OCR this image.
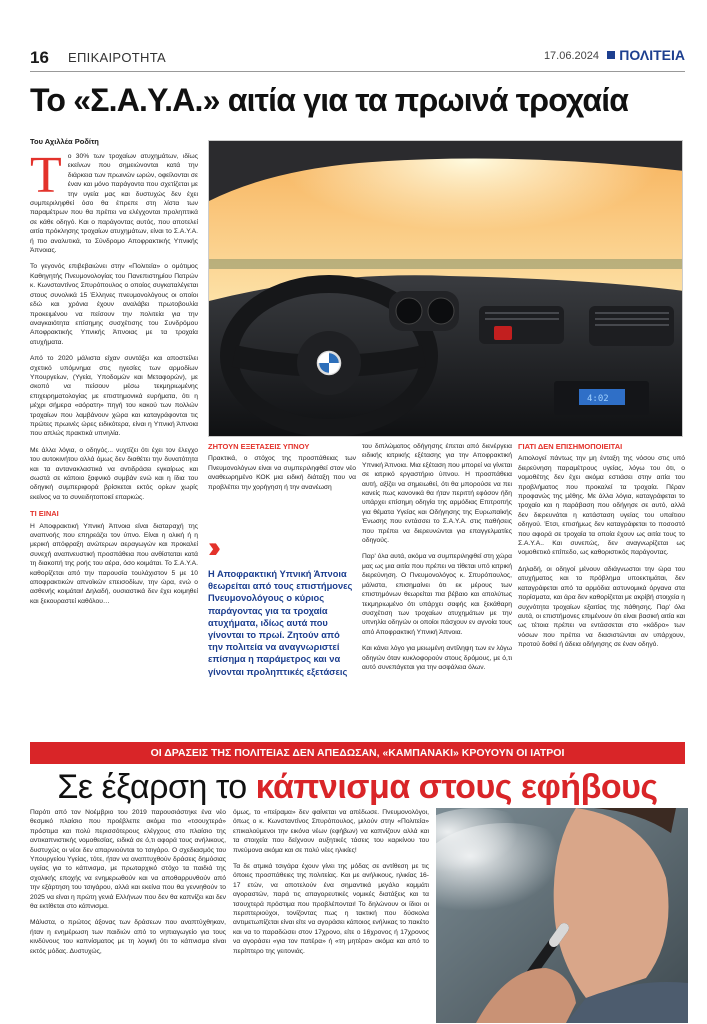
16 ΕΠΙΚΑΙΡΟΤΗΤΑ	17.06.2024	ΠΟΛΙΤΕΙΑ
Το «Σ.Α.Υ.Α.» αιτία για τα πρωινά τροχαία
Του Αχιλλέα Ροδίτη

Το 30% των τροχαίων ατυχημάτων, ιδίως εκείνων που σημειώνονται κατά την διάρκεια των πρωινών ωρών, οφείλονται σε έναν και μόνο παράγοντα που σχετίζεται με την υγεία μας και δυστυχώς δεν έχει συμπεριληφθεί όσο θα έπρεπε στη λίστα των παραμέτρων που θα πρέπει να ελέγχονται προληπτικά σε κάθε οδηγό. Και ο παράγοντας αυτός, που αποτελεί αιτία πρόκλησης τροχαίων ατυχημάτων, είναι το Σ.Α.Υ.Α. ή πιο αναλυτικά, το Σύνδρομο Αποφρακτικής Υπνικής Άπνοιας.

Το γεγονός επιβεβαιώνει στην «Πολιτεία» ο ομότιμος Καθηγητής Πνευμονολογίας του Πανεπιστημίου Πατρών κ. Κωνσταντίνος Σπυρόπουλος ο οποίος συγκαταλέγεται στους συνολικά 15 Έλληνες πνευμονολόγους οι οποίοι εδώ και χρόνια έχουν αναλάβει πρωτοβουλία προκειμένου να πείσουν την πολιτεία για την αναγκαιότητα επίσημης συσχέτισης του Συνδρόμου Αποφρακτικής Υπνικής Άπνοιας με τα τροχαία ατυχήματα.

Από το 2020 μάλιστα είχαν συντάξει και αποστείλει σχετικό υπόμνημα στις ηγεσίες των αρμοδίων Υπουργείων, (Υγεία, Υποδομών και Μεταφορών), με σκοπό να πείσουν μέσω τεκμηριωμένης επιχειρηματολογίας με επιστημονικά ευρήματα, ότι η μέχρι σήμερα «αόρατη» πηγή του κακού των πολλών τροχαίων που λαμβάνουν χώρα και καταγράφονται τις πρώτες πρωινές ώρες ειδικότερα, είναι η Υπνική Άπνοια που απλώς πρακτικά υπνηλία.

Με άλλα λόγια, ο οδηγός... νυχτίζει ότι έχει τον έλεγχο του αυτοκινήτου αλλά όμως δεν διαθέτει την δυνατότητα και τα αντανακλαστικά να αντιδράσει εγκαίρως και σωστά σε κάποιο ξαφνικό συμβάν ενώ και η ίδια του οδηγική συμπεριφορά βρίσκεται εκτός ορίων χωρίς εκείνος να το συνειδητοποιεί επαρκώς.

ΤΙ ΕΙΝΑΙ

Η Αποφρακτική Υπνική Άπνοια είναι διαταραχή της αναπνοής που επηρεάζει τον ύπνο. Είναι η ολική ή η μερική απόφραξη ανώτερων αεραγωγών και προκαλεί συνεχή αναπνευστική προσπάθεια που ανθίσταται κατά τη διακοπή της ροής του αέρα, όσο κοιμάται. Το Σ.Α.Υ.Α. καθορίζεται από την παρουσία τουλάχιστον 5 με 10 αποφρακτικών απνοϊκών επεισοδίων, την ώρα, ενώ ο ασθενής κοιμάται! Δηλαδή, ουσιαστικά δεν έχει κοιμηθεί και ξεκουραστεί καθόλου…

4:02
ΖΗΤΟΥΝ ΕΞΕΤΑΣΕΙΣ ΥΠΝΟΥ

Πρακτικά, ο στόχος της προσπάθειας των Πνευμονολόγων είναι να συμπεριληφθεί στον νέο αναθεωρημένο ΚΟΚ μια ειδική διάταξη που να προβλέπει την χορήγηση ή την ανανέωση

››
Η Αποφρακτική Υπνική Άπνοια θεωρείται από τους επιστήμονες Πνευμονολόγους ο κύριος παράγοντας για τα τροχαία ατυχήματα, ιδίως αυτά που γίνονται το πρωί. Ζητούν από την πολιτεία να αναγνωριστεί επίσημα η παράμετρος και να γίνονται προληπτικές εξετάσεις

του διπλώματος οδήγησης έπεται από διενέργεια ειδικής ιατρικής εξέτασης για την Αποφρακτική Υπνική Άπνοια. Μια εξέταση που μπορεί να γίνεται σε ιατρικό εργαστήριο ύπνου. Η προσπάθεια αυτή, αξίζει να σημειωθεί, ότι θα μπορούσε να πει κανείς πως κανονικά θα ήταν περιττή εφόσον ήδη υπάρχει επίσημη οδηγία της αρμόδιας Επιτροπής για θέματα Υγείας και Οδήγησης της Ευρωπαϊκής Ένωσης που εντάσσει το Σ.Α.Υ.Α. στις παθήσεις που πρέπει να διερευνώνται για επαγγελματίες οδηγούς.

Παρ' όλα αυτά, ακόμα να συμπεριληφθεί στη χώρα μας ως μια αιτία που πρέπει να τίθεται υπό ιατρική διερεύνηση. Ο Πνευμονολόγος κ. Σπυρόπουλος, μάλιστα, επισημαίνει ότι εκ μέρους των επιστημόνων θεωρείται πια βέβαιο και απολύτως τεκμηριωμένο ότι υπάρχει σαφής και ξεκάθαρη συσχέτιση των τροχαίων ατυχημάτων με την υπνηλία οδηγών οι οποίοι πάσχουν εν αγνοία τους από Αποφρακτική Υπνική Άπνοια.

Και κάνει λόγο για μειωμένη αντίληψη των εν λόγω οδηγών όταν κυκλοφορούν στους δρόμους, με ό,τι αυτό συνεπάγεται για την ασφάλεια όλων.

ΓΙΑΤΙ ΔΕΝ ΕΠΙΣΗΜΟΠΟΙΕΙΤΑΙ

Αιτιολογεί πάντως την μη ένταξη της νόσου στις υπό διερεύνηση παραμέτρους υγείας, λόγω του ότι, ο νομοθέτης δεν έχει ακόμα εστιάσει στην αιτία του προβλήματος που προκαλεί τα τροχαία. Πέραν προφανώς της μέθης. Με άλλα λόγια, καταγράφεται το τροχαίο και η παράβαση που οδήγησε σε αυτό, αλλά δεν διερευνάται η κατάσταση υγείας του υπαίτιου οδηγού. Έτσι, επισήμως δεν καταγράφεται το ποσοστό που αφορά σε τροχαία τα οποία έχουν ως αιτία τους το Σ.Α.Υ.Α.. Και συνεπώς, δεν αναγνωρίζεται ως νομοθετικό επίπεδο, ως καθοριστικός παράγοντας.

Δηλαδή, οι οδηγοί μένουν αδιάγνωστοι την ώρα του ατυχήματος και το πρόβλημα υποεκτιμάται, δεν καταγράφεται από τα αρμόδια αστυνομικά όργανα στα πορίσματα, και άρα δεν καθορίζεται με ακρίβή στοιχεία η συχνότητα τροχαίων εξαιτίας της πάθησης. Παρ' όλα αυτά, οι επιστήμονες επιμένουν ότι είναι βασική αιτία και ως τέτοια πρέπει να εντάσσεται στο «κάδρο» των νόσων που πρέπει να διασιστώνται αν υπάρχουν, προτού δοθεί ή άδεια οδήγησης σε έναν οδηγό.

ΟΙ ΔΡΑΣΕΙΣ ΤΗΣ ΠΟΛΙΤΕΙΑΣ ΔΕΝ ΑΠΕΔΩΣΑΝ, «ΚΑΜΠΑΝΑΚΙ» ΚΡΟΥΟΥΝ ΟΙ ΙΑΤΡΟΙ
Σε έξαρση το κάπνισμα στους εφήβους

Παρότι από τον Νοέμβριο του 2019 παρουσιάστηκε ένα νέο θεσμικό πλαίσιο που προέβλεπε ακόμα πιο «τσουχτερά» πρόστιμα και πολύ περισσότερους ελέγχους στο πλαίσιο της αντικαπνιστικής νομοθεσίας, ειδικά σε ό,τι αφορά τους ανήλικους, δυστυχώς οι νέοι δεν απαρνιούνται το τσιγάρο. Ο σχεδιασμός του Υπουργείου Υγείας, τότε, ήταν να αναπτυχθούν δράσεις δημόσιας υγείας για το κάπνισμα, με πρωταρχικό στόχο τα παιδιά της σχολικής εποχής να ενημερωθούν και να αποθαρρυνθούν από την εξάρτηση του τσιγάρου, αλλά και εκείνα που θα γεννηθούν το 2025 να είναι η πρώτη γενιά Ελλήνων που δεν θα καπνίζει και δεν θα εκτίθεται στο κάπνισμα.

Μάλιστα, ο πρώτος άξονας των δράσεων που αναπτύχθηκαν, ήταν η ενημέρωση των παιδιών από το νηπιαγωγείο για τους κινδύνους του καπνίσματος με τη λογική ότι το κάπνισμα είναι εκτός μόδας. Δυστυχώς,

όμως, το «πείραμα» δεν φαίνεται να απέδωσε. Πνευμονολόγοι, όπως ο κ. Κωνσταντίνος Σπυρόπουλος, μιλούν στην «Πολιτεία» επικαλούμενοι την εικόνα νέων (εφήβων) να καπνίζουν αλλά και τα στοιχεία που δείχνουν αυξητικές τάσεις του καρκίνου του πνεύμονα ακόμα και σε πολύ νέες ηλικίες!

Τα δε ατμικά τσιγάρα έχουν γίνει της μόδας σε αντίθεση με τις όποιες προσπάθειες της πολιτείας. Και με ανήλικους, ηλικίας 16-17 ετών, να αποτελούν ένα σημαντικά μεγάλο κομμάτι αγοραστών, παρά τις απαγορευτικές νομικές διατάξεις και τα τσουχτερά πρόστιμα που προβλέπονται! Το δηλώνουν οι ίδιοι οι περιπτεριούχοι, τονίζοντας πως η τακτική που δύσκολα αντιμετωπίζεται είναι είτε να αγοράσει κάποιος ενήλικας το πακέτο και να το παραδώσει στον 17χρονο, είτε ο 16χρονος ή 17χρονος να αγοράσει «για τον πατέρα» ή «τη μητέρα» ακόμα και από το περίπτερο της γειτονιάς.
